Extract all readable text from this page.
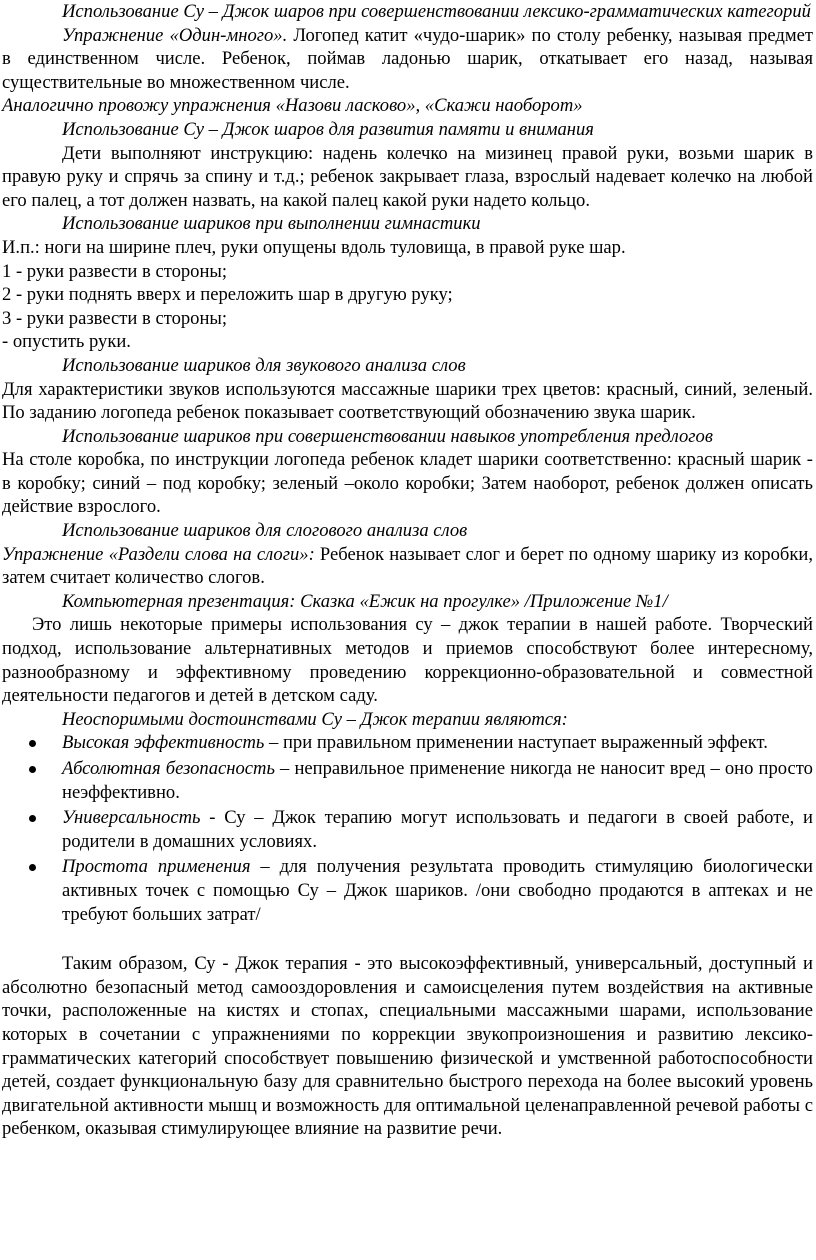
Использование Су – Джок шаров при совершенствовании лексико-грамматических категорий

Упражнение «Один-много». Логопед катит «чудо-шарик» по столу ребенку, называя предмет в единственном числе. Ребенок, поймав ладонью шарик, откатывает его назад, называя существительные во множественном числе.

Аналогично провожу упражнения «Назови ласково», «Скажи наоборот»

Использование Су – Джок шаров для развития памяти и внимания

Дети выполняют инструкцию: надень колечко на мизинец правой руки, возьми шарик в правую руку и спрячь за спину и т.д.; ребенок закрывает глаза, взрослый надевает колечко на любой его палец, а тот должен назвать, на какой палец какой руки надето кольцо.

Использование шариков при выполнении гимнастики

И.п.: ноги на ширине плеч, руки опущены вдоль туловища, в правой руке шар.

1 - руки развести в стороны;

2 - руки поднять вверх и переложить шар в другую руку;

3 - руки развести в стороны;

- опустить руки.

Использование шариков для звукового анализа слов

Для характеристики звуков используются массажные шарики трех цветов: красный, синий, зеленый. По заданию логопеда ребенок показывает соответствующий обозначению звука шарик.

Использование шариков при совершенствовании навыков употребления предлогов

На столе коробка, по инструкции логопеда ребенок кладет шарики соответственно: красный шарик - в коробку; синий – под коробку; зеленый –около коробки; Затем наоборот, ребенок должен описать действие взрослого.

Использование шариков для слогового анализа слов

Упражнение «Раздели слова на слоги»: Ребенок называет слог и берет по одному шарику из коробки, затем считает количество слогов.

Компьютерная презентация: Сказка «Ежик на прогулке» /Приложение №1/

Это лишь некоторые примеры использования су – джок терапии в нашей работе. Творческий подход, использование альтернативных методов и приемов способствуют более интересному, разнообразному и эффективному проведению коррекционно-образовательной и совместной деятельности педагогов и детей в детском саду.

Неоспоримыми достоинствами Су – Джок терапии являются:

Высокая эффективность – при правильном применении наступает выраженный эффект.
Абсолютная безопасность – неправильное применение никогда не наносит вред – оно просто неэффективно.
Универсальность - Су – Джок терапию могут использовать и педагоги в своей работе, и родители в домашних условиях.
Простота применения – для получения результата проводить стимуляцию биологически активных точек с помощью Су – Джок шариков. /они свободно продаются в аптеках и не требуют больших затрат/

Таким образом, Су - Джок терапия - это высокоэффективный, универсальный, доступный и абсолютно безопасный метод самооздоровления и самоисцеления путем воздействия на активные точки, расположенные на кистях и стопах, специальными массажными шарами, использование которых в сочетании с упражнениями по коррекции звукопроизношения и развитию лексико-грамматических категорий способствует повышению физической и умственной работоспособности детей, создает функциональную базу для сравнительно быстрого перехода на более высокий уровень двигательной активности мышц и возможность для оптимальной целенаправленной речевой работы с ребенком, оказывая стимулирующее влияние на развитие речи.
